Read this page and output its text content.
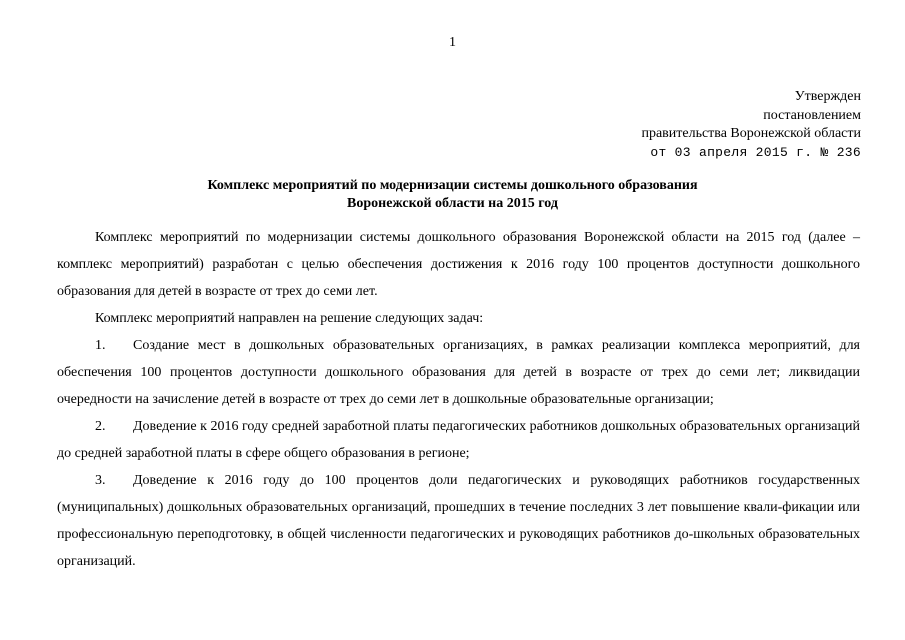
1
Утвержден
постановлением
правительства Воронежской области
от 03 апреля 2015 г. № 236
Комплекс мероприятий по модернизации системы дошкольного образования
Воронежской области на 2015 год

Комплекс мероприятий по модернизации системы дошкольного образования Воронежской области на 2015 год (далее – комплекс мероприятий) разработан с целью обеспечения достижения к 2016 году 100 процентов доступности дошкольного образования для детей в возрасте от трех до семи лет.

Комплекс мероприятий направлен на решение следующих задач:

1. Создание мест в дошкольных образовательных организациях, в рамках реализации комплекса мероприятий, для обеспечения 100 процентов доступности дошкольного образования для детей в возрасте от трех до семи лет; ликвидации очередности на зачисление детей в возрасте от трех до семи лет в дошкольные образовательные организации;

2. Доведение к 2016 году средней заработной платы педагогических работников дошкольных образовательных организаций до средней заработной платы в сфере общего образования в регионе;

3. Доведение к 2016 году до 100 процентов доли педагогических и руководящих работников государственных (муниципальных) дошкольных образовательных организаций, прошедших в течение последних 3 лет повышение квали-фикации или профессиональную переподготовку, в общей численности педагогических и руководящих работников до-школьных образовательных организаций.
